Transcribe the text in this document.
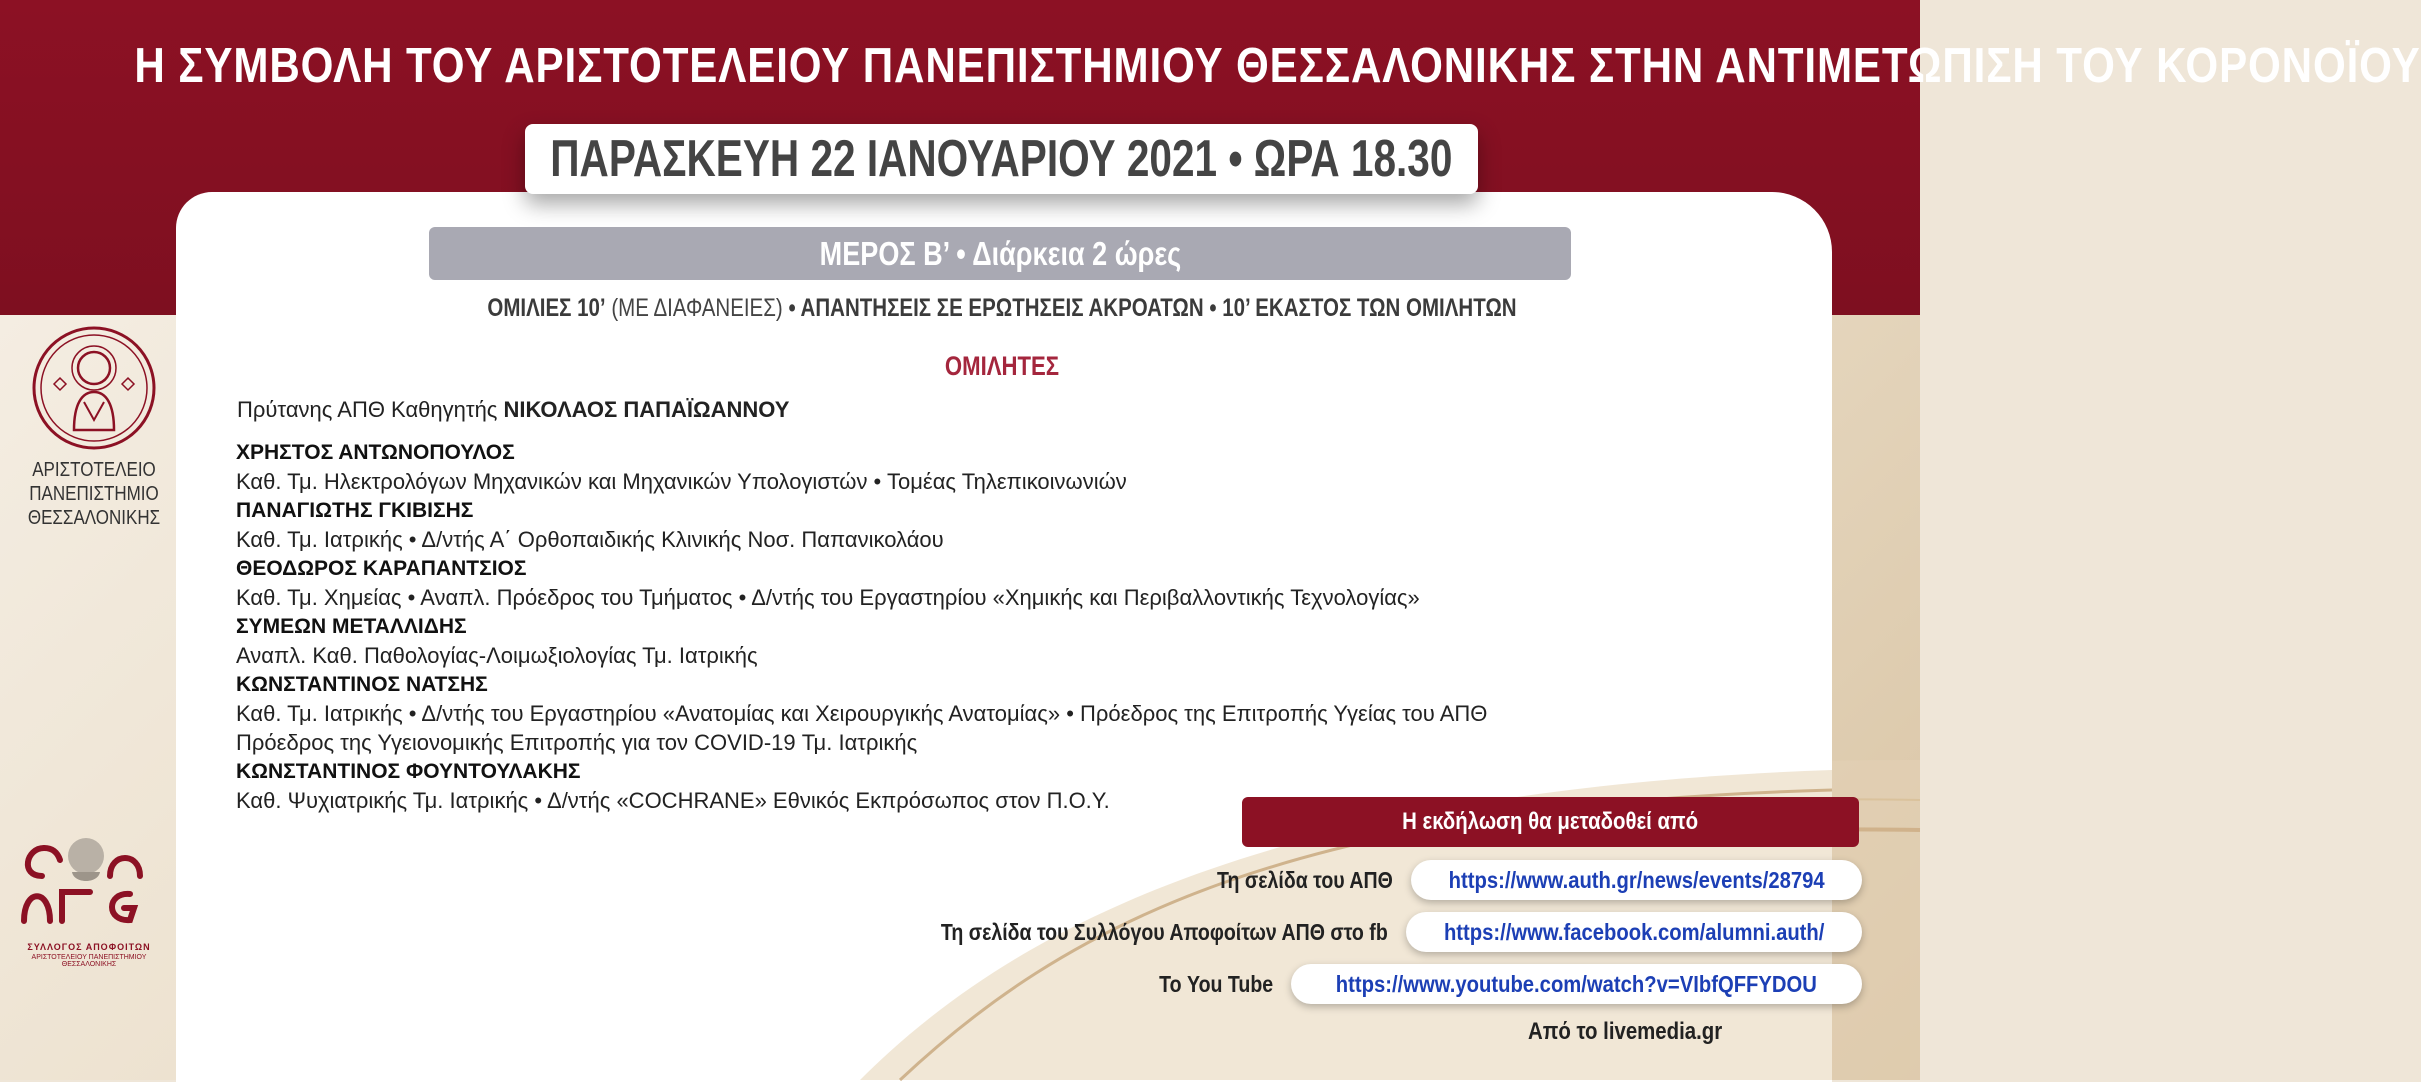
Η ΣΥΜΒΟΛΗ ΤΟΥ ΑΡΙΣΤΟΤΕΛΕΙΟΥ ΠΑΝΕΠΙΣΤΗΜΙΟΥ ΘΕΣΣΑΛΟΝΙΚΗΣ ΣΤΗΝ ΑΝΤΙΜΕΤΩΠΙΣΗ ΤΟΥ ΚΟΡΟΝΟΪΟΥ
ΠΑΡΑΣΚΕΥΗ 22 ΙΑΝΟΥΑΡΙΟΥ 2021 • ΩΡΑ 18.30
ΜΕΡΟΣ Β’ • Διάρκεια 2 ώρες
ΟΜΙΛΙΕΣ 10’ (ΜΕ ΔΙΑΦΑΝΕΙΕΣ) • ΑΠΑΝΤΗΣΕΙΣ ΣΕ ΕΡΩΤΗΣΕΙΣ ΑΚΡΟΑΤΩΝ • 10’ ΕΚΑΣΤΟΣ ΤΩΝ ΟΜΙΛΗΤΩΝ
ΟΜΙΛΗΤΕΣ
Πρύτανης ΑΠΘ Καθηγητής ΝΙΚΟΛΑΟΣ ΠΑΠΑΪΩΑΝΝΟΥ
ΧΡΗΣΤΟΣ ΑΝΤΩΝΟΠΟΥΛΟΣ
Καθ. Τμ. Ηλεκτρολόγων Μηχανικών και Μηχανικών Υπολογιστών • Τομέας Τηλεπικοινωνιών
ΠΑΝΑΓΙΩΤΗΣ ΓΚΙΒΙΣΗΣ
Καθ. Τμ. Ιατρικής • Δ/ντής Α΄ Ορθοπαιδικής Κλινικής Νοσ. Παπανικολάου
ΘΕΟΔΩΡΟΣ ΚΑΡΑΠΑΝΤΣΙΟΣ
Καθ. Τμ. Χημείας • Αναπλ. Πρόεδρος του Τμήματος • Δ/ντής του Εργαστηρίου «Χημικής και Περιβαλλοντικής Τεχνολογίας»
ΣΥΜΕΩΝ ΜΕΤΑΛΛΙΔΗΣ
Αναπλ. Καθ. Παθολογίας-Λοιμωξιολογίας Τμ. Ιατρικής
ΚΩΝΣΤΑΝΤΙΝΟΣ ΝΑΤΣΗΣ
Καθ. Τμ. Ιατρικής • Δ/ντής του Εργαστηρίου «Ανατομίας και Χειρουργικής Ανατομίας» • Πρόεδρος της Επιτροπής Υγείας του ΑΠΘ
Πρόεδρος της Υγειονομικής Επιτροπής για τον COVID-19 Τμ. Ιατρικής
ΚΩΝΣΤΑΝΤΙΝΟΣ ΦΟΥΝΤΟΥΛΑΚΗΣ
Καθ. Ψυχιατρικής Τμ. Ιατρικής • Δ/ντής «COCHRANE» Εθνικός Εκπρόσωπος στον Π.Ο.Υ.
ΑΡΙΣΤΟΤΕΛΕΙΟ
ΠΑΝΕΠΙΣΤΗΜΙΟ
ΘΕΣΣΑΛΟΝΙΚΗΣ
ΣΥΛΛΟΓΟΣ ΑΠΟΦΟΙΤΩΝ
ΑΡΙΣΤΟΤΕΛΕΙΟΥ ΠΑΝΕΠΙΣΤΗΜΙΟΥ ΘΕΣΣΑΛΟΝΙΚΗΣ
Η εκδήλωση θα μεταδοθεί από
Τη σελίδα του ΑΠΘ https://www.auth.gr/news/events/28794
Τη σελίδα του Συλλόγου Αποφοίτων ΑΠΘ στο fb https://www.facebook.com/alumni.auth/
Το You Tube	https://www.youtube.com/watch?v=VIbfQFFYDOU
Από το livemedia.gr
